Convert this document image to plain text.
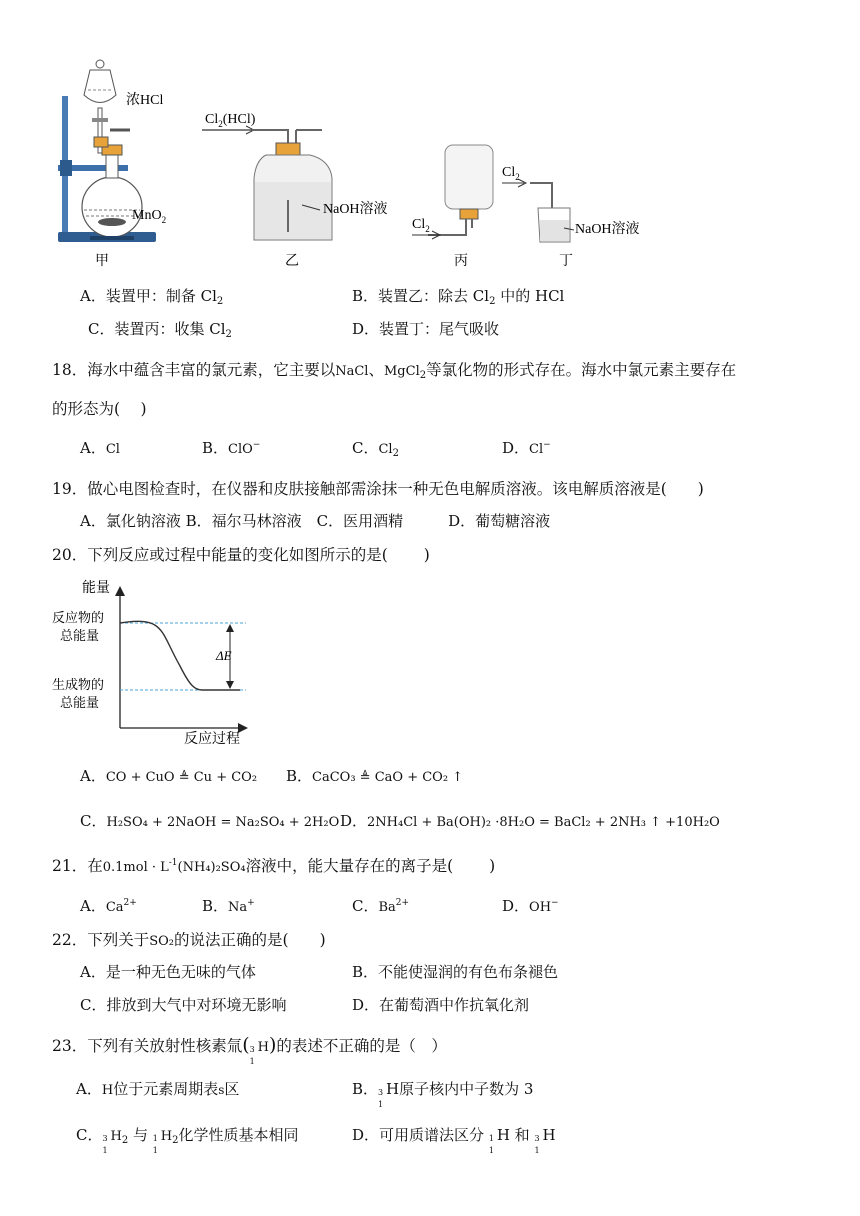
浓HCl
MnO$_2$
甲
$Cl_2(HCl)$
NaOH溶液
乙
$Cl_2$
丙
$Cl_2$
NaOH溶液
丁
A．装置甲：制备 $Cl_2$	B．装置乙：除去 $Cl_2$ 中的 HCl
C．装置丙：收集 $Cl_2$	D．装置丁：尾气吸收
18．海水中蕴含丰富的氯元素，它主要以NaCl、MgCl$_2$等氯化物的形式存在。海水中氯元素主要存在
的形态为(　 )
A．Cl	B．ClO−	C．$Cl_2$	D．Cl−
19．做心电图检查时，在仪器和皮肤接触部需涂抹一种无色电解质溶液。该电解质溶液是(　　)
A．氯化钠溶液 B．福尔马林溶液　C．医用酒精　　　D．葡萄糖溶液
20．下列反应或过程中能量的变化如图所示的是(　　 )
能量
ΔE
反应物的
总能量
生成物的
总能量
反应过程
A．CO + CuO ≜ Cu + CO₂ B．CaCO₃ ≜ CaO + CO₂ ↑
C．H₂SO₄ + 2NaOH = Na₂SO₄ + 2H₂O D．2NH₄Cl + Ba(OH)₂ ·8H₂O = BaCl₂ + 2NH₃ ↑ +10H₂O
21．在$0.1mol \cdot L^{-1}(NH_4)_2SO_4$溶液中，能大量存在的离子是(　　 )
A．$Ca^{2+}$	B．Na+	C．$Ba^{2+}$	D．OH−
22．下列关于SO₂的说法正确的是(　　)
A．是一种无色无味的气体	B．不能使湿润的有色布条褪色
C．排放到大气中对环境无影响	D．在葡萄酒中作抗氧化剂
23．下列有关放射性核素氚( 3
1
H)的表述不正确的是（　）
A．H位于元素周期表s区	B． 3
1
H原子核内中子数为 3
C． 3
1
$H_2$ 与 1
1
$H_2$化学性质基本相同	D．可用质谱法区分 1
1
H 和 3
1
H
